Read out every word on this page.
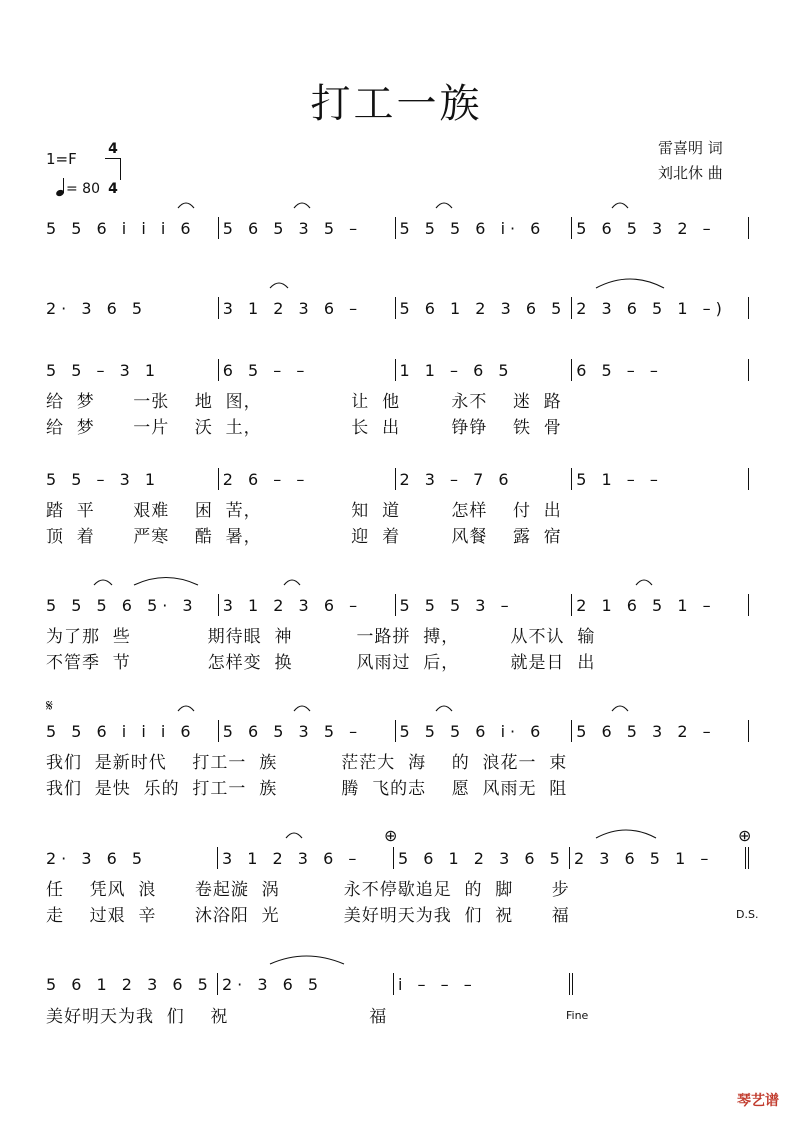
打工一族
1=F
4
4
= 80
雷喜明 词
刘北休 曲
5 5 6 i i i 6 5 6 5 3 5 – 5 5 5 6 i· 6 5 6 5 3 2 –
2· 3 6 5	3 1 2 3 6 – 5 6 1 2 3 6 5 2 3 6 5 1 –)
5 5 – 3 1	6 5 – –	1 1 – 6 5	6 5 – –
给  梦      一张    地  图，              让  他        永不    迷  路
给  梦      一片    沃  土，              长  出        铮铮    铁  骨
5 5 – 3 1	2 6 – –	2 3 – 7 6	5 1 – –
踏  平      艰难    困  苦，              知  道        怎样    付  出
顶  着      严寒    酷  暑，              迎  着        风餐    露  宿
5 5 5 6 5· 3 3 1 2 3 6 – 5 5 5 3 –	2 1 6 5 1 –
为了那  些            期待眼  神          一路拼  搏，        从不认  输
不管季  节            怎样变  换          风雨过  后，        就是日  出
𝄋
5 5 6 i i i 6 5 6 5 3 5 – 5 5 5 6 i· 6 5 6 5 3 2 –
我们  是新时代    打工一  族          茫茫大  海    的  浪花一  束
我们  是快  乐的  打工一  族          腾  飞的志    愿  风雨无  阻
⊕	⊕
2· 3 6 5	3 1 2 3 6 – 5 6 1 2 3 6 5 2 3 6 5 1 –
任    凭风  浪      卷起漩  涡          永不停歇追足  的  脚      步
走    过艰  辛      沐浴阳  光          美好明天为我  们  祝      福	D.S.
5 6 1 2 3 6 5 2· 3 6 5	i – – –
美好明天为我  们    祝                      福	Fine
琴艺谱
